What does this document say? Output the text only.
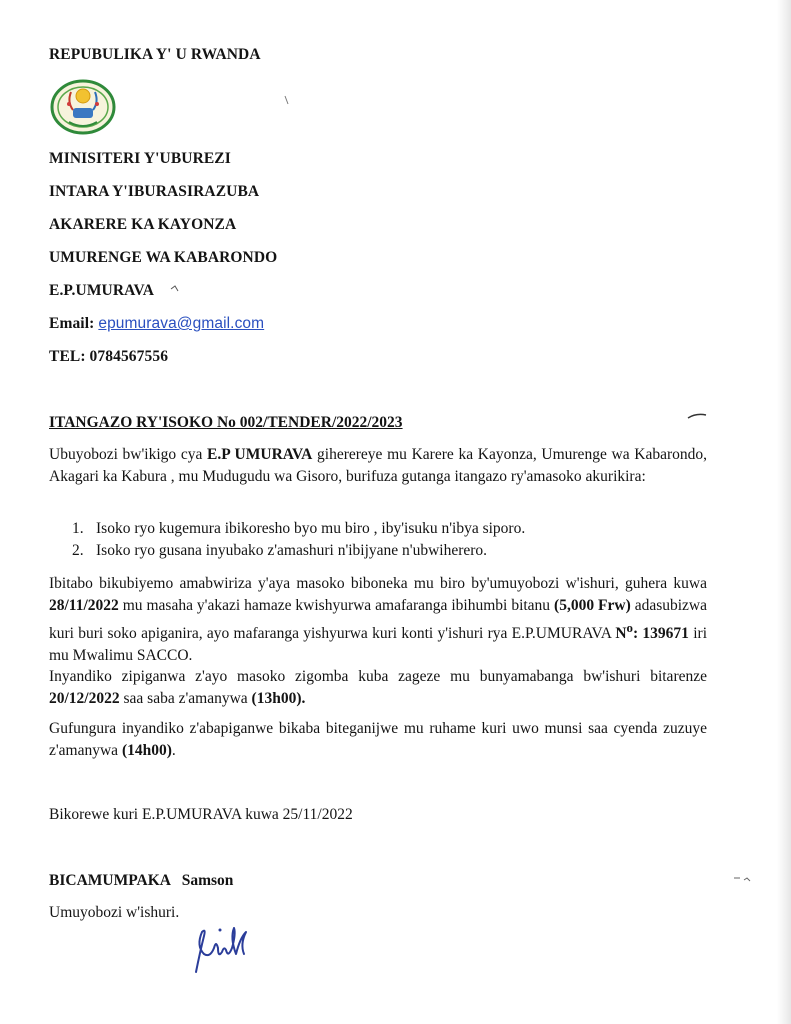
REPUBULIKA Y' U RWANDA
MINISITERI Y'UBUREZI
INTARA Y'IBURASIRAZUBA
AKARERE KA KAYONZA
UMURENGE WA KABARONDO
E.P.UMURAVA
Email: epumurava@gmail.com
TEL: 0784567556
ITANGAZO RY'ISOKO No 002/TENDER/2022/2023
Ubuyobozi bw'ikigo cya E.P UMURAVA giherereye mu Karere ka Kayonza, Umurenge wa Kabarondo, Akagari ka Kabura , mu Mudugudu wa Gisoro, burifuza gutanga itangazo ry'amasoko akurikira:
1. Isoko ryo kugemura ibikoresho byo mu biro , iby'isuku n'ibya siporo.
2. Isoko ryo gusana inyubako z'amashuri n'ibijyane n'ubwiherero.
Ibitabo bikubiyemo amabwiriza y'aya masoko biboneka mu biro by'umuyobozi w'ishuri, guhera kuwa 28/11/2022 mu masaha y'akazi hamaze kwishyurwa amafaranga ibihumbi bitanu (5,000 Frw) adasubizwa kuri buri soko apiganira, ayo mafaranga yishyurwa kuri konti y'ishuri rya E.P.UMURAVA $N^o$: 139671 iri mu Mwalimu SACCO.
Inyandiko zipiganwa z'ayo masoko zigomba kuba zageze mu bunyamabanga bw'ishuri bitarenze 20/12/2022 saa saba z'amanywa (13h00).
Gufungura inyandiko z'abapiganwe bikaba biteganijwe mu ruhame kuri uwo munsi saa cyenda zuzuye z'amanywa (14h00).
Bikorewe kuri E.P.UMURAVA kuwa 25/11/2022
BICAMUMPAKA   Samson
Umuyobozi w'ishuri.
